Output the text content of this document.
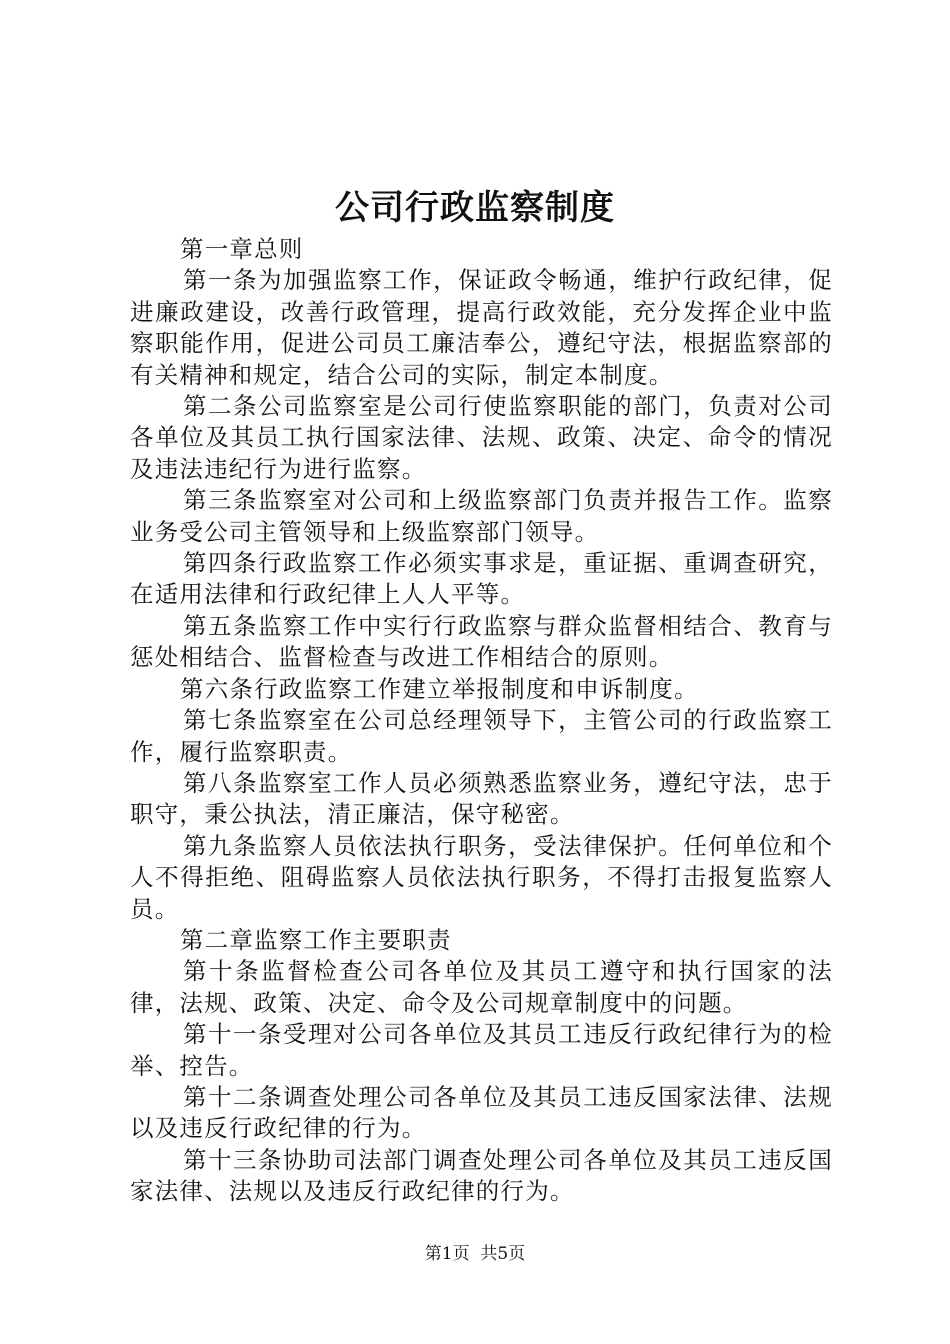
公司行政监察制度

第一章总则

第一条为加强监察工作，保证政令畅通，维护行政纪律，促进廉政建设，改善行政管理，提高行政效能，充分发挥企业中监察职能作用，促进公司员工廉洁奉公，遵纪守法，根据监察部的有关精神和规定，结合公司的实际，制定本制度。

第二条公司监察室是公司行使监察职能的部门，负责对公司各单位及其员工执行国家法律、法规、政策、决定、命令的情况及违法违纪行为进行监察。

第三条监察室对公司和上级监察部门负责并报告工作。监察业务受公司主管领导和上级监察部门领导。

第四条行政监察工作必须实事求是，重证据、重调查研究，在适用法律和行政纪律上人人平等。

第五条监察工作中实行行政监察与群众监督相结合、教育与惩处相结合、监督检查与改进工作相结合的原则。

第六条行政监察工作建立举报制度和申诉制度。

第七条监察室在公司总经理领导下，主管公司的行政监察工作，履行监察职责。

第八条监察室工作人员必须熟悉监察业务，遵纪守法，忠于职守，秉公执法，清正廉洁，保守秘密。

第九条监察人员依法执行职务，受法律保护。任何单位和个人不得拒绝、阻碍监察人员依法执行职务，不得打击报复监察人员。

第二章监察工作主要职责

第十条监督检查公司各单位及其员工遵守和执行国家的法律，法规、政策、决定、命令及公司规章制度中的问题。

第十一条受理对公司各单位及其员工违反行政纪律行为的检举、控告。

第十二条调查处理公司各单位及其员工违反国家法律、法规以及违反行政纪律的行为。

第十三条协助司法部门调查处理公司各单位及其员工违反国家法律、法规以及违反行政纪律的行为。

第1页  共5页
